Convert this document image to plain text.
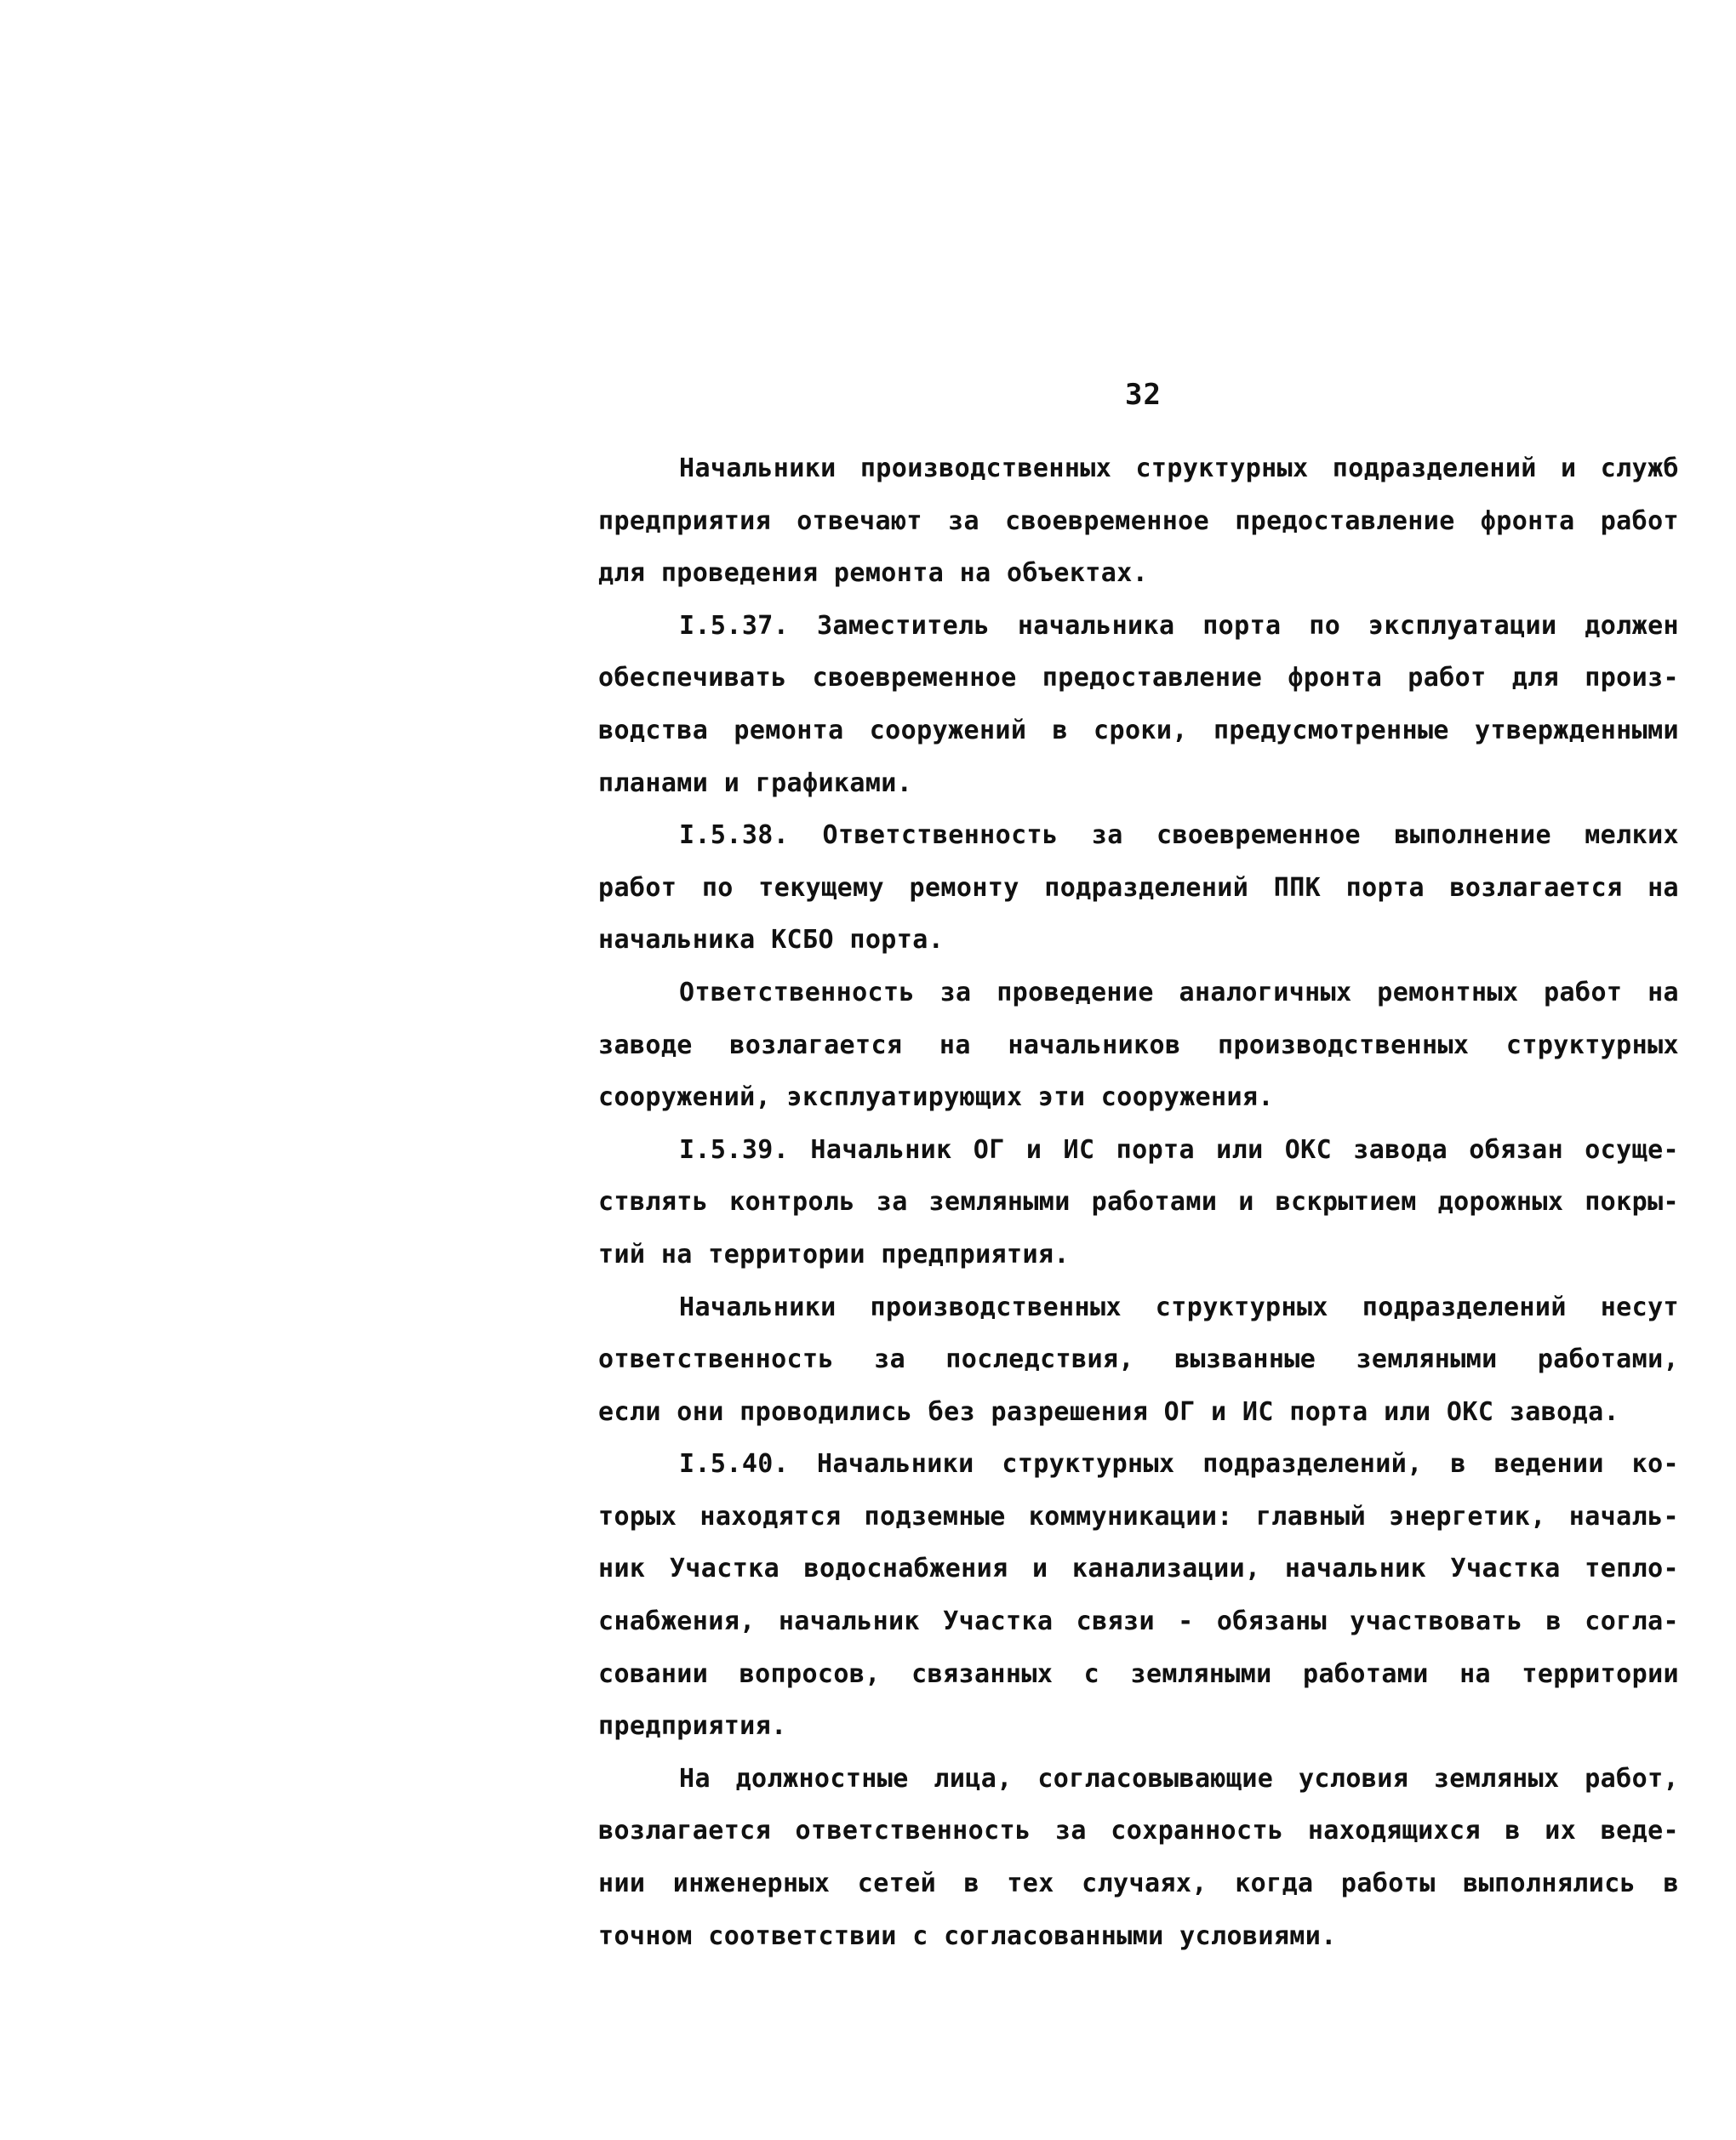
32
Начальники производственных структурных подразделений и служб
предприятия отвечают за своевременное предоставление фронта работ
для проведения ремонта на объектах.
I.5.37. Заместитель начальника порта по эксплуатации должен
обеспечивать своевременное предоставление фронта работ для произ-
водства ремонта сооружений в сроки, предусмотренные утвержденными
планами и графиками.
I.5.38. Ответственность за своевременное выполнение мелких
работ по текущему ремонту подразделений ППК порта возлагается на
начальника КСБО порта.
Ответственность за проведение аналогичных ремонтных работ на
заводе возлагается на начальников производственных структурных
сооружений, эксплуатирующих эти сооружения.
I.5.39. Начальник ОГ и ИС порта или ОКС завода обязан осуще-
ствлять контроль за земляными работами и вскрытием дорожных покры-
тий на территории предприятия.
Начальники производственных структурных подразделений несут
ответственность за последствия, вызванные земляными работами,
если они проводились без разрешения ОГ и ИС порта или ОКС завода.
I.5.40. Начальники структурных подразделений, в ведении ко-
торых находятся подземные коммуникации: главный энергетик, началь-
ник Участка водоснабжения и канализации, начальник Участка тепло-
снабжения, начальник Участка связи - обязаны участвовать в согла-
совании вопросов, связанных с земляными работами на территории
предприятия.
На должностные лица, согласовывающие условия земляных работ,
возлагается ответственность за сохранность находящихся в их веде-
нии инженерных сетей в тех случаях, когда работы выполнялись в
точном соответствии с согласованными условиями.
